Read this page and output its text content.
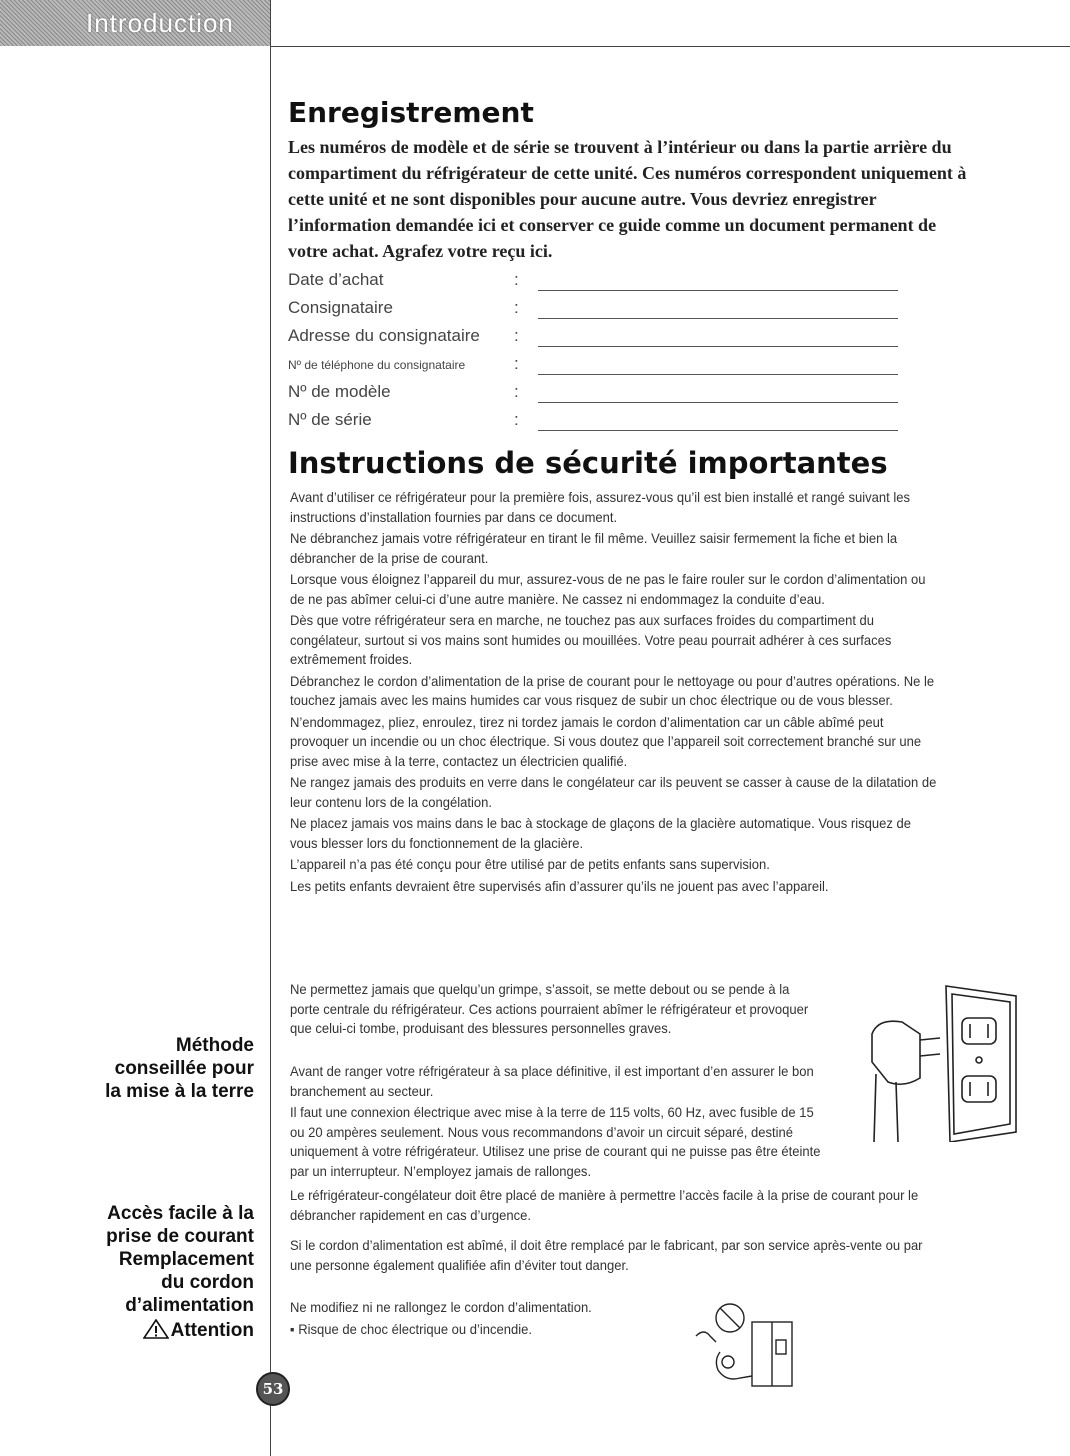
Introduction
Méthode
conseillée pour
la mise à la terre
Accès facile à la
prise de courant
Remplacement
du cordon
d’alimentation
Attention
53
Enregistrement

Les numéros de modèle et de série se trouvent à l’intérieur ou dans la partie arrière du compartiment du réfrigérateur de cette unité. Ces numéros correspondent uniquement à cette unité et ne sont disponibles pour aucune autre. Vous devriez enregistrer l’information demandée ici et conserver ce guide comme un document permanent de votre achat. Agrafez votre reçu ici.

Date d’achat	:
Consignataire	:
Adresse du consignataire :
Nº de téléphone du consignataire	:
Nº de modèle	:
Nº de série	:
Instructions de sécurité importantes

Avant d’utiliser ce réfrigérateur pour la première fois, assurez-vous qu’il est bien installé et rangé suivant les instructions d’installation fournies par dans ce document.

Ne débranchez jamais votre réfrigérateur en tirant le fil même. Veuillez saisir fermement la fiche et bien la débrancher de la prise de courant.

Lorsque vous éloignez l’appareil du mur, assurez-vous de ne pas le faire rouler sur le cordon d’alimentation ou de ne pas abîmer celui-ci d’une autre manière. Ne cassez ni endommagez la conduite d’eau.

Dès que votre réfrigérateur sera en marche, ne touchez pas aux surfaces froides du compartiment du congélateur, surtout si vos mains sont humides ou mouillées. Votre peau pourrait adhérer à ces surfaces extrêmement froides.

Débranchez le cordon d’alimentation de la prise de courant pour le nettoyage ou pour d’autres opérations. Ne le touchez jamais avec les mains humides car vous risquez de subir un choc électrique ou de vous blesser.

N’endommagez, pliez, enroulez, tirez ni tordez jamais le cordon d’alimentation car un câble abîmé peut provoquer un incendie ou un choc électrique. Si vous doutez que l’appareil soit correctement branché sur une prise avec mise à la terre, contactez un électricien qualifié.

Ne rangez jamais des produits en verre dans le congélateur car ils peuvent se casser à cause de la dilatation de leur contenu lors de la congélation.

Ne placez jamais vos mains dans le bac à stockage de glaçons de la glacière automatique. Vous risquez de vous blesser lors du fonctionnement de la glacière.

L’appareil n’a pas été conçu pour être utilisé par de petits enfants sans supervision.

Les petits enfants devraient être supervisés afin d’assurer qu’ils ne jouent pas avec l’appareil.

Ne permettez jamais que quelqu’un grimpe, s’assoit, se mette debout ou se pende à la porte centrale du réfrigérateur. Ces actions pourraient abîmer le réfrigérateur et provoquer que celui-ci tombe, produisant des blessures personnelles graves.

Avant de ranger votre réfrigérateur à sa place définitive, il est important d’en assurer le bon branchement au secteur.

Il faut une connexion électrique avec mise à la terre de 115 volts, 60 Hz, avec fusible de 15 ou 20 ampères seulement. Nous vous recommandons d’avoir un circuit séparé, destiné uniquement à votre réfrigérateur. Utilisez une prise de courant qui ne puisse pas être éteinte par un interrupteur. N’employez jamais de rallonges.

Le réfrigérateur-congélateur doit être placé de manière à permettre l’accès facile à la prise de courant pour le débrancher rapidement en cas d’urgence.

Si le cordon d’alimentation est abîmé, il doit être remplacé par le fabricant, par son service après-vente ou par une personne également qualifiée afin d’éviter tout danger.

Ne modifiez ni ne rallongez le cordon d’alimentation.

▪ Risque de choc électrique ou d’incendie.
